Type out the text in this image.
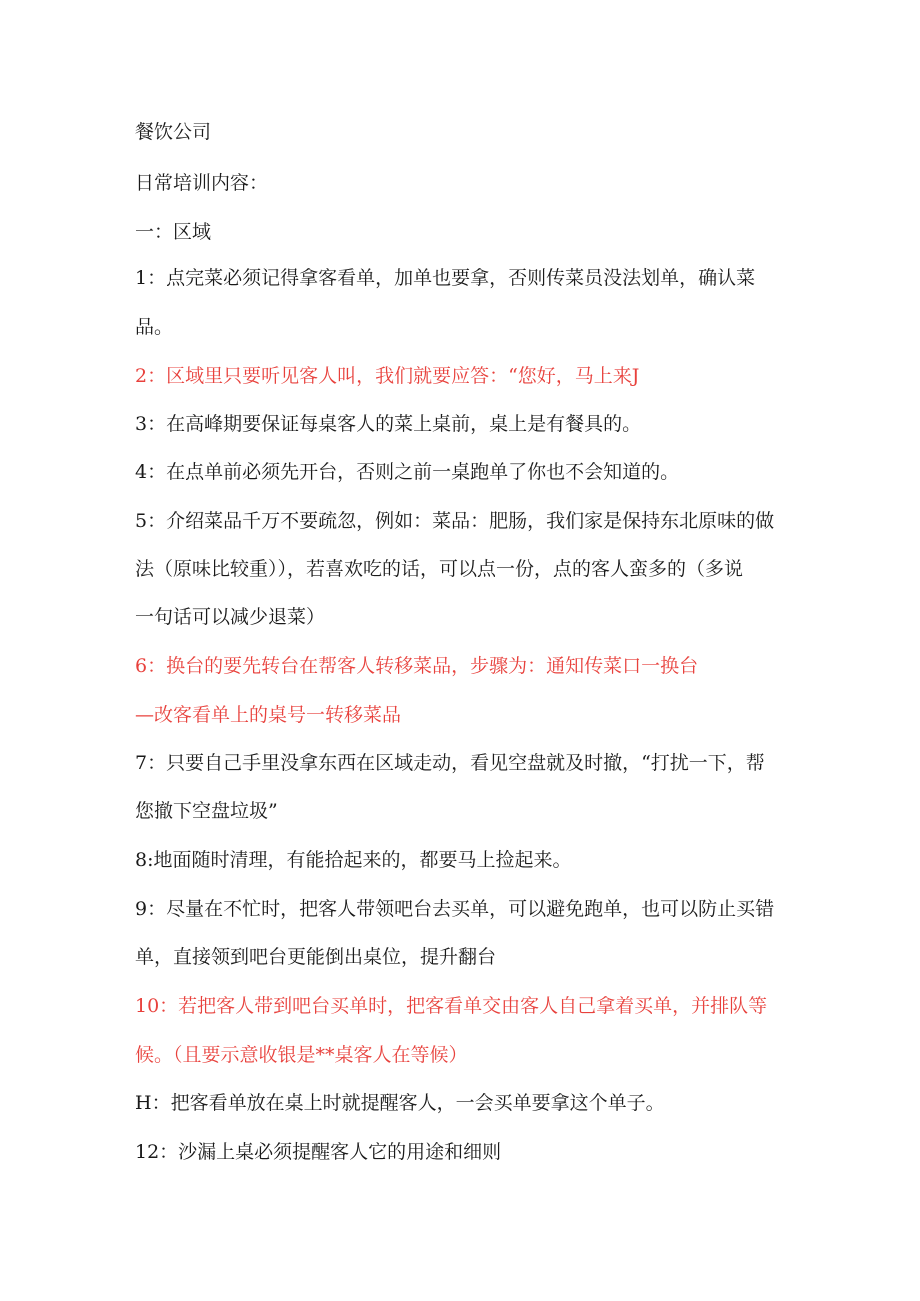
餐饮公司
日常培训内容：
一：区域
1：点完菜必须记得拿客看单，加单也要拿，否则传菜员没法划单，确认菜
品。
2：区域里只要听见客人叫，我们就要应答：“您好，马上来J
3：在高峰期要保证每桌客人的菜上桌前，桌上是有餐具的。
4：在点单前必须先开台，否则之前一桌跑单了你也不会知道的。
5：介绍菜品千万不要疏忽，例如：菜品：肥肠，我们家是保持东北原味的做
法（原味比较重）），若喜欢吃的话，可以点一份，点的客人蛮多的（多说
一句话可以减少退菜）
6：换台的要先转台在帮客人转移菜品，步骤为：通知传菜口一换台
—改客看单上的桌号一转移菜品
7：只要自己手里没拿东西在区域走动，看见空盘就及时撤，“打扰一下，帮
您撤下空盘垃圾”
8:地面随时清理，有能拾起来的，都要马上捡起来。
9：尽量在不忙时，把客人带领吧台去买单，可以避免跑单，也可以防止买错
单，直接领到吧台更能倒出桌位，提升翻台
10：若把客人带到吧台买单时，把客看单交由客人自己拿着买单，并排队等
候。（且要示意收银是**桌客人在等候）
H：把客看单放在桌上时就提醒客人，一会买单要拿这个单子。
12：沙漏上桌必须提醒客人它的用途和细则
